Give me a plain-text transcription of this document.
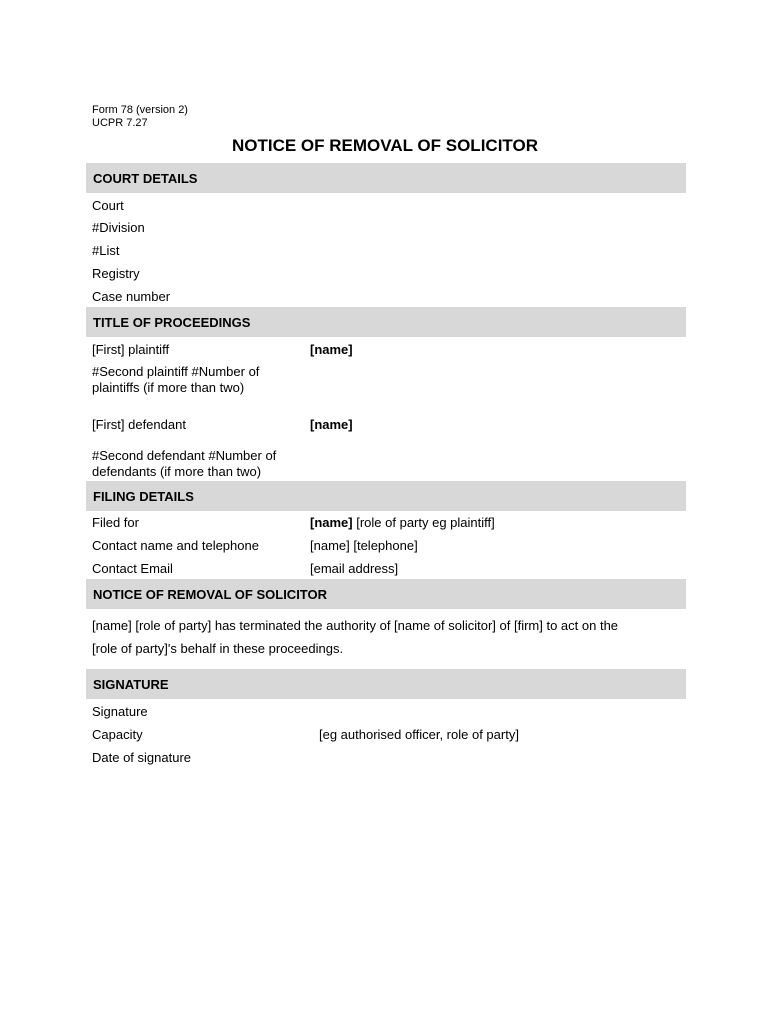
Form 78 (version 2)
UCPR 7.27
NOTICE OF REMOVAL OF SOLICITOR
COURT DETAILS
Court
#Division
#List
Registry
Case number
TITLE OF PROCEEDINGS
[First] plaintiff	[name]
#Second plaintiff #Number of
plaintiffs (if more than two)
[First] defendant	[name]
#Second defendant #Number of
defendants (if more than two)
FILING DETAILS
Filed for	[name] [role of party eg plaintiff]
Contact name and telephone	[name] [telephone]
Contact Email	[email address]
NOTICE OF REMOVAL OF SOLICITOR
[name] [role of party] has terminated the authority of [name of solicitor] of [firm] to act on the
[role of party]'s behalf in these proceedings.
SIGNATURE
Signature
Capacity	[eg authorised officer, role of party]
Date of signature
